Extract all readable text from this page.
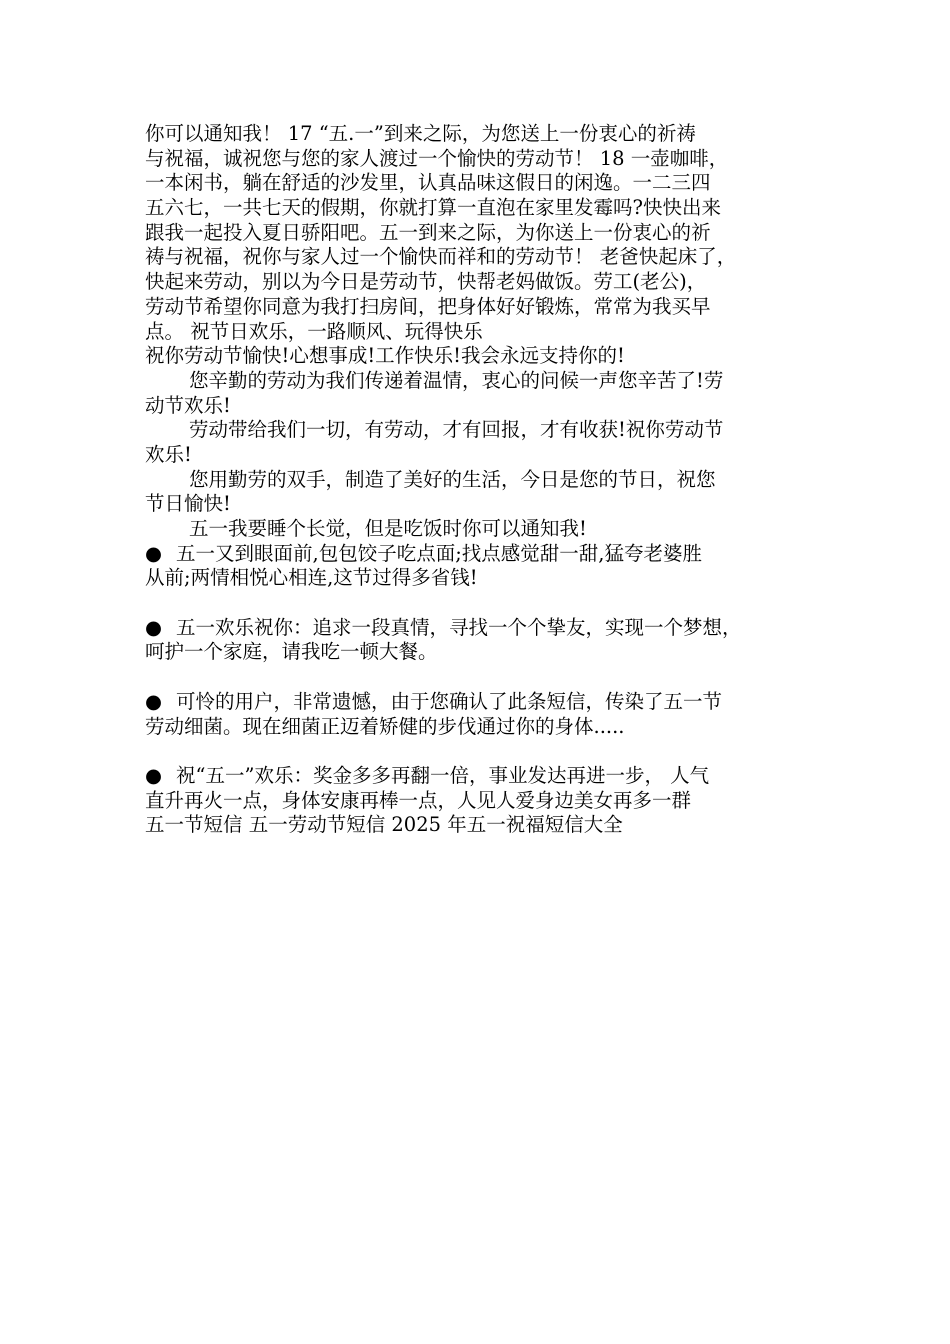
你可以通知我！ 17 “五.一”到来之际，为您送上一份衷心的祈祷
与祝福，诚祝您与您的家人渡过一个愉快的劳动节！ 18 一壶咖啡，
一本闲书，躺在舒适的沙发里，认真品味这假日的闲逸。一二三四
五六七，一共七天的假期，你就打算一直泡在家里发霉吗?快快出来
跟我一起投入夏日骄阳吧。五一到来之际，为你送上一份衷心的祈
祷与祝福，祝你与家人过一个愉快而祥和的劳动节！ 老爸快起床了，
快起来劳动，别以为今日是劳动节，快帮老妈做饭。劳工(老公)，
劳动节希望你同意为我打扫房间，把身体好好锻炼，常常为我买早
点。 祝节日欢乐，一路顺风、玩得快乐
祝你劳动节愉快!心想事成!工作快乐!我会永远支持你的!
您辛勤的劳动为我们传递着温情，衷心的问候一声您辛苦了!劳
动节欢乐!
劳动带给我们一切，有劳动，才有回报，才有收获!祝你劳动节
欢乐!
您用勤劳的双手，制造了美好的生活，今日是您的节日，祝您
节日愉快!
五一我要睡个长觉，但是吃饭时你可以通知我!
● 五一又到眼面前,包包饺子吃点面;找点感觉甜一甜,猛夸老婆胜
从前;两情相悦心相连,这节过得多省钱!
● 五一欢乐祝你：追求一段真情，寻找一个个挚友，实现一个梦想，
呵护一个家庭，请我吃一顿大餐。
● 可怜的用户，非常遗憾，由于您确认了此条短信，传染了五一节
劳动细菌。现在细菌正迈着矫健的步伐通过你的身体.....
● 祝“五一”欢乐：奖金多多再翻一倍，事业发达再进一步， 人气
直升再火一点，身体安康再棒一点，人见人爱身边美女再多一群
五一节短信 五一劳动节短信 2025 年五一祝福短信大全
